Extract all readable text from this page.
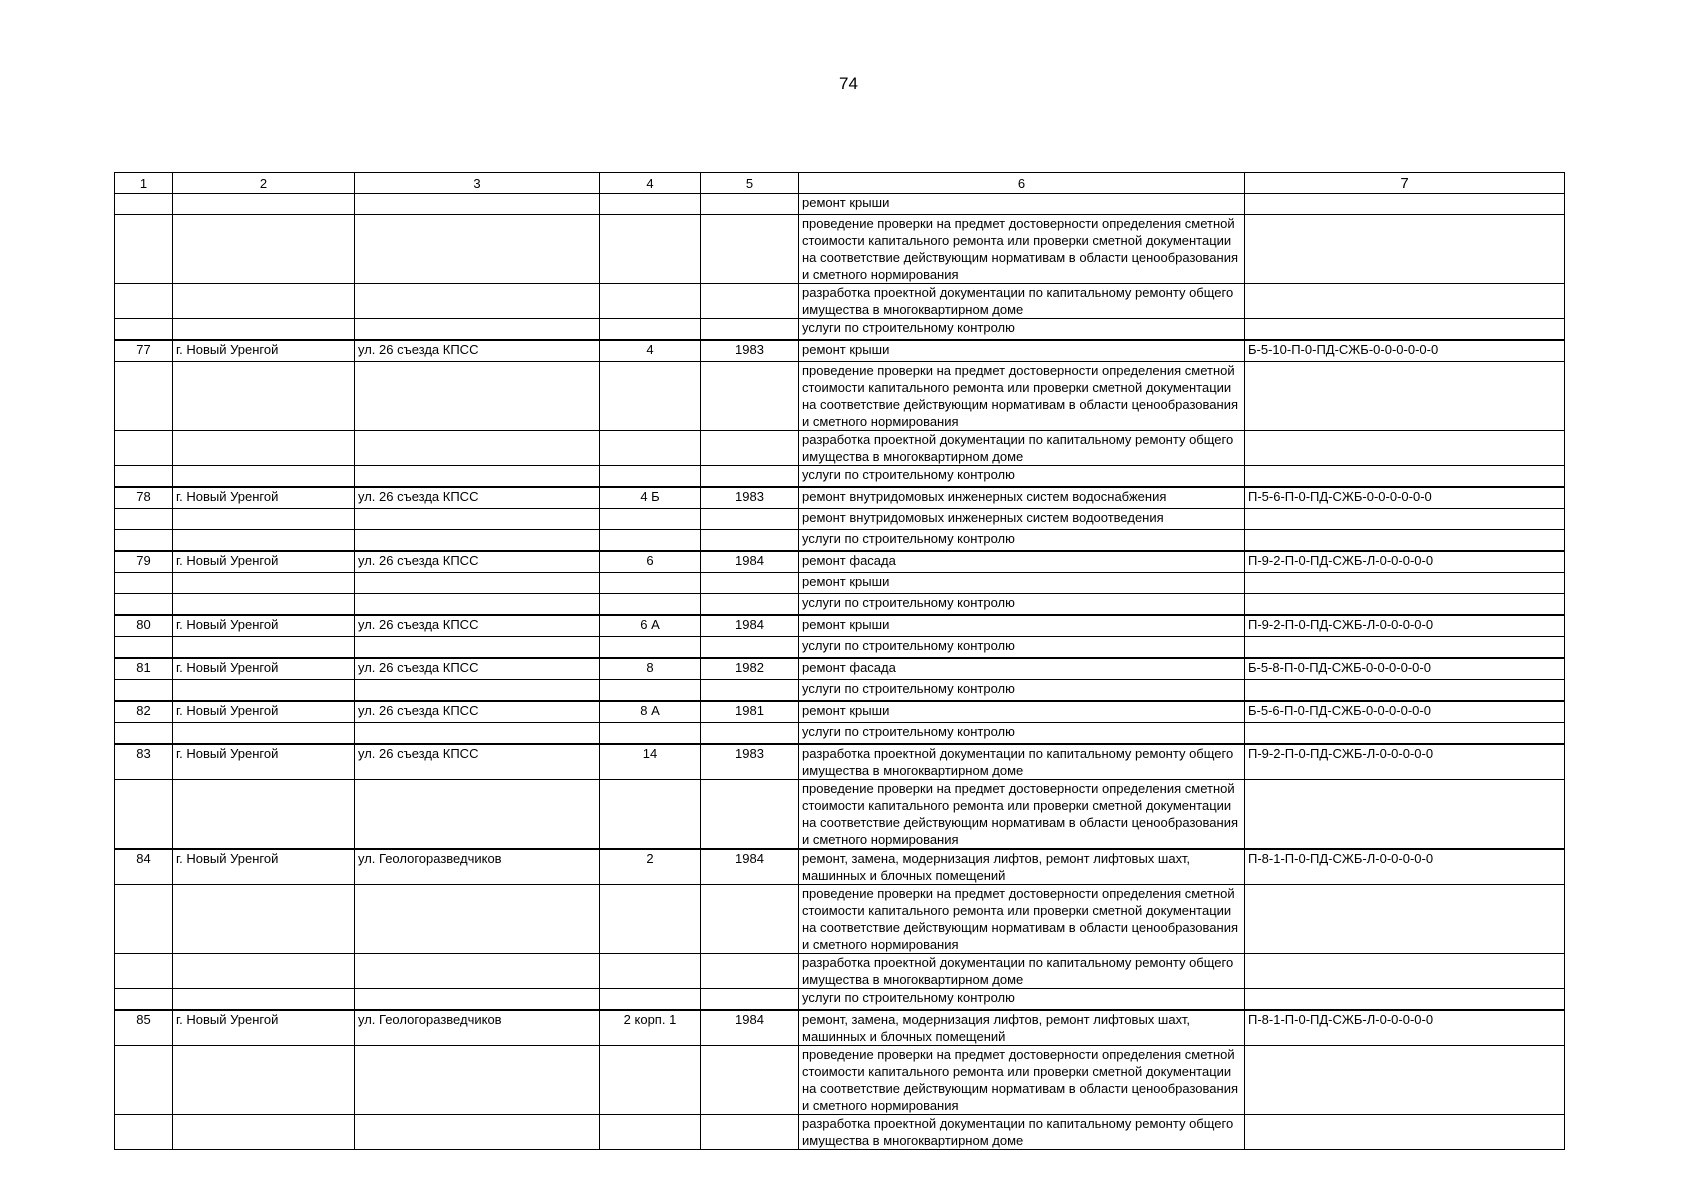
74
1	2	3	4	5	6	7
					ремонт крыши	
					проведение проверки на предмет достоверности определения сметной стоимости капитального ремонта или проверки сметной документации на соответствие действующим нормативам в области ценообразования и сметного нормирования	
					разработка проектной документации по капитальному ремонту общего имущества в многоквартирном доме	
					услуги по строительному контролю	
77	г. Новый Уренгой	ул. 26 съезда КПСС	4	1983	ремонт крыши	Б-5-10-П-0-ПД-СЖБ-0-0-0-0-0-0
					проведение проверки на предмет достоверности определения сметной стоимости капитального ремонта или проверки сметной документации на соответствие действующим нормативам в области ценообразования и сметного нормирования	
					разработка проектной документации по капитальному ремонту общего имущества в многоквартирном доме	
					услуги по строительному контролю	
78	г. Новый Уренгой	ул. 26 съезда КПСС	4 Б	1983	ремонт внутридомовых инженерных систем водоснабжения	П-5-6-П-0-ПД-СЖБ-0-0-0-0-0-0
					ремонт внутридомовых инженерных систем водоотведения	
					услуги по строительному контролю	
79	г. Новый Уренгой	ул. 26 съезда КПСС	6	1984	ремонт фасада	П-9-2-П-0-ПД-СЖБ-Л-0-0-0-0-0
					ремонт крыши	
					услуги по строительному контролю	
80	г. Новый Уренгой	ул. 26 съезда КПСС	6 А	1984	ремонт крыши	П-9-2-П-0-ПД-СЖБ-Л-0-0-0-0-0
					услуги по строительному контролю	
81	г. Новый Уренгой	ул. 26 съезда КПСС	8	1982	ремонт фасада	Б-5-8-П-0-ПД-СЖБ-0-0-0-0-0-0
					услуги по строительному контролю	
82	г. Новый Уренгой	ул. 26 съезда КПСС	8 А	1981	ремонт крыши	Б-5-6-П-0-ПД-СЖБ-0-0-0-0-0-0
					услуги по строительному контролю	
83	г. Новый Уренгой	ул. 26 съезда КПСС	14	1983	разработка проектной документации по капитальному ремонту общего имущества в многоквартирном доме	П-9-2-П-0-ПД-СЖБ-Л-0-0-0-0-0
					проведение проверки на предмет достоверности определения сметной стоимости капитального ремонта или проверки сметной документации на соответствие действующим нормативам в области ценообразования и сметного нормирования	
84	г. Новый Уренгой	ул. Геологоразведчиков	2	1984	ремонт, замена, модернизация лифтов, ремонт лифтовых шахт, машинных и блочных помещений	П-8-1-П-0-ПД-СЖБ-Л-0-0-0-0-0
					проведение проверки на предмет достоверности определения сметной стоимости капитального ремонта или проверки сметной документации на соответствие действующим нормативам в области ценообразования и сметного нормирования	
					разработка проектной документации по капитальному ремонту общего имущества в многоквартирном доме	
					услуги по строительному контролю	
85	г. Новый Уренгой	ул. Геологоразведчиков	2 корп. 1	1984	ремонт, замена, модернизация лифтов, ремонт лифтовых шахт, машинных и блочных помещений	П-8-1-П-0-ПД-СЖБ-Л-0-0-0-0-0
					проведение проверки на предмет достоверности определения сметной стоимости капитального ремонта или проверки сметной документации на соответствие действующим нормативам в области ценообразования и сметного нормирования	
					разработка проектной документации по капитальному ремонту общего имущества в многоквартирном доме	
